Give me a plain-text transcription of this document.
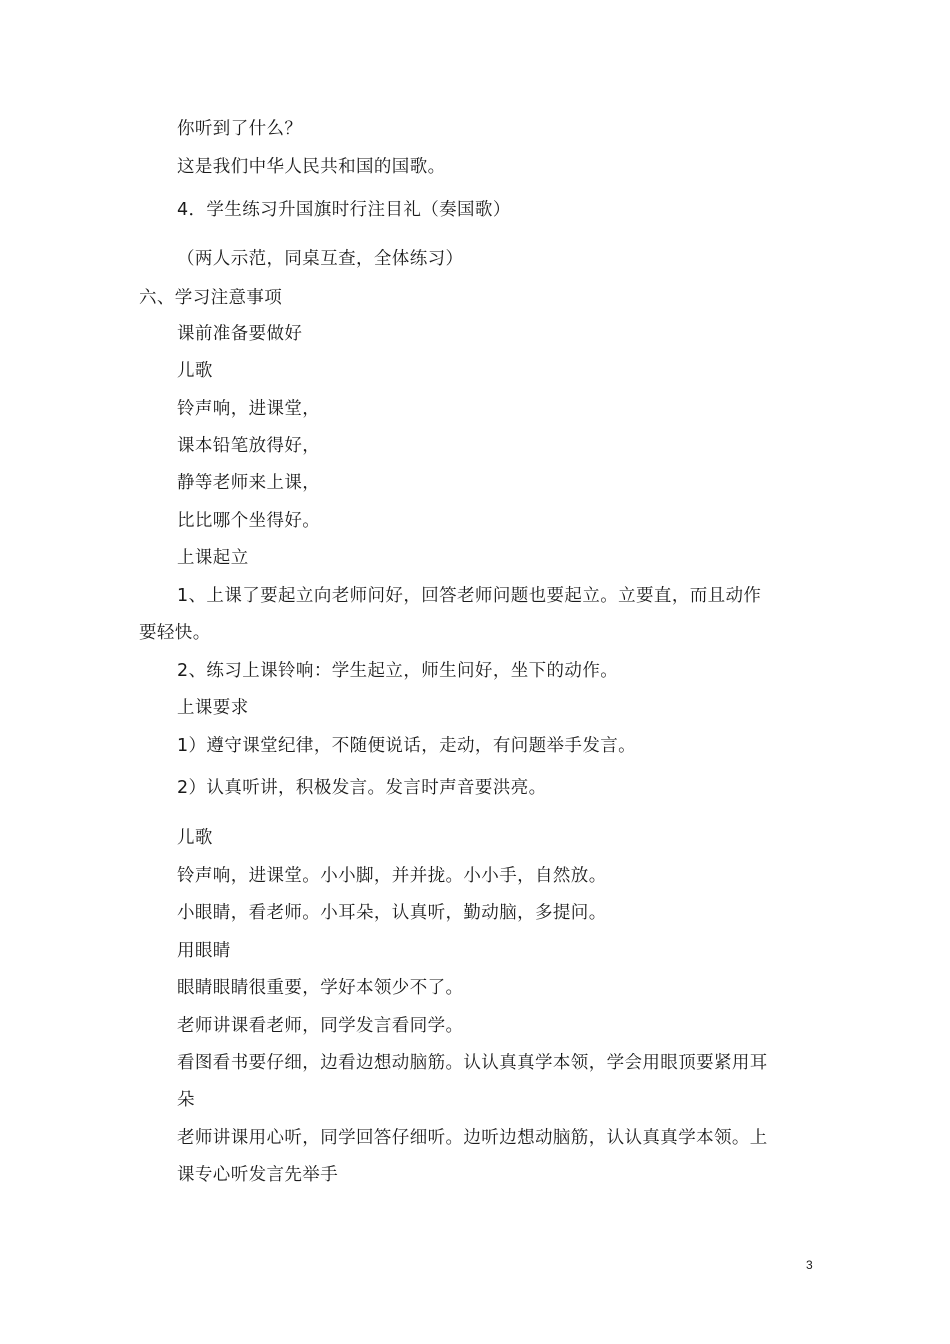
你听到了什么？
这是我们中华人民共和国的国歌。
4．学生练习升国旗时行注目礼（奏国歌）
（两人示范，同桌互查，全体练习）
六、学习注意事项
课前准备要做好
儿歌
铃声响，进课堂，
课本铅笔放得好，
静等老师来上课，
比比哪个坐得好。
上课起立
1、上课了要起立向老师问好，回答老师问题也要起立。立要直，而且动作
要轻快。
2、练习上课铃响：学生起立，师生问好，坐下的动作。
上课要求
1）遵守课堂纪律，不随便说话，走动，有问题举手发言。
2）认真听讲，积极发言。发言时声音要洪亮。
儿歌
铃声响，进课堂。小小脚，并并拢。小小手，自然放。
小眼睛，看老师。小耳朵，认真听，勤动脑，多提问。
用眼睛
眼睛眼睛很重要，学好本领少不了。
老师讲课看老师，同学发言看同学。
看图看书要仔细，边看边想动脑筋。认认真真学本领，学会用眼顶要紧用耳
朵
老师讲课用心听，同学回答仔细听。边听边想动脑筋，认认真真学本领。上
课专心听发言先举手
3
